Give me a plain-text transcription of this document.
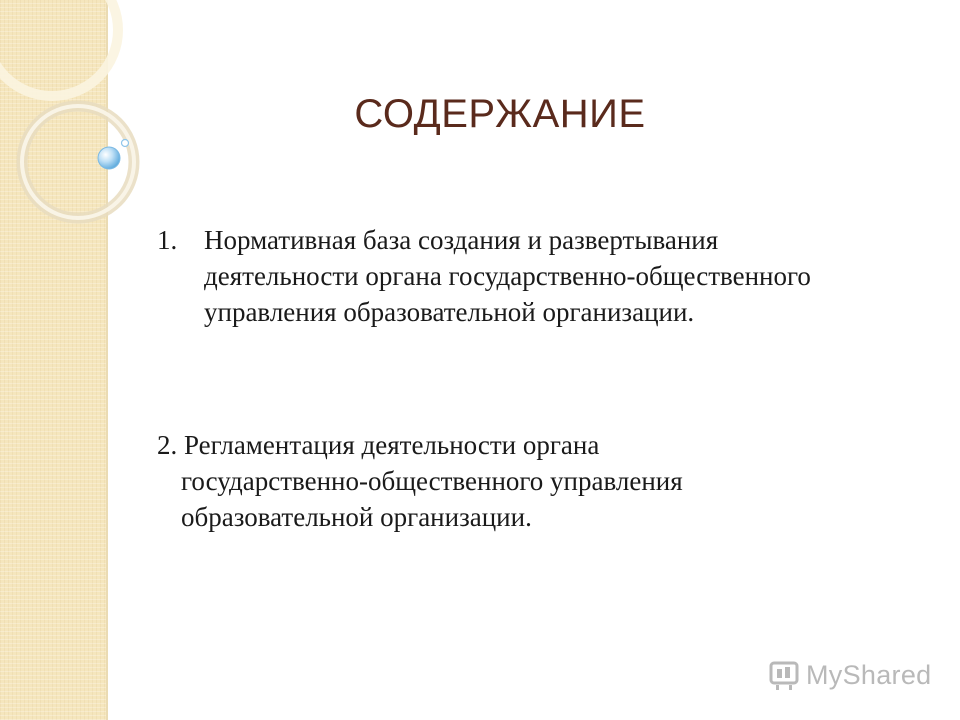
СОДЕРЖАНИЕ
1. Нормативная база создания и развертывания деятельности органа государственно-общественного управления образовательной организации.
2. Регламентация деятельности органа
государственно-общественного управления образовательной организации.
MyShared
